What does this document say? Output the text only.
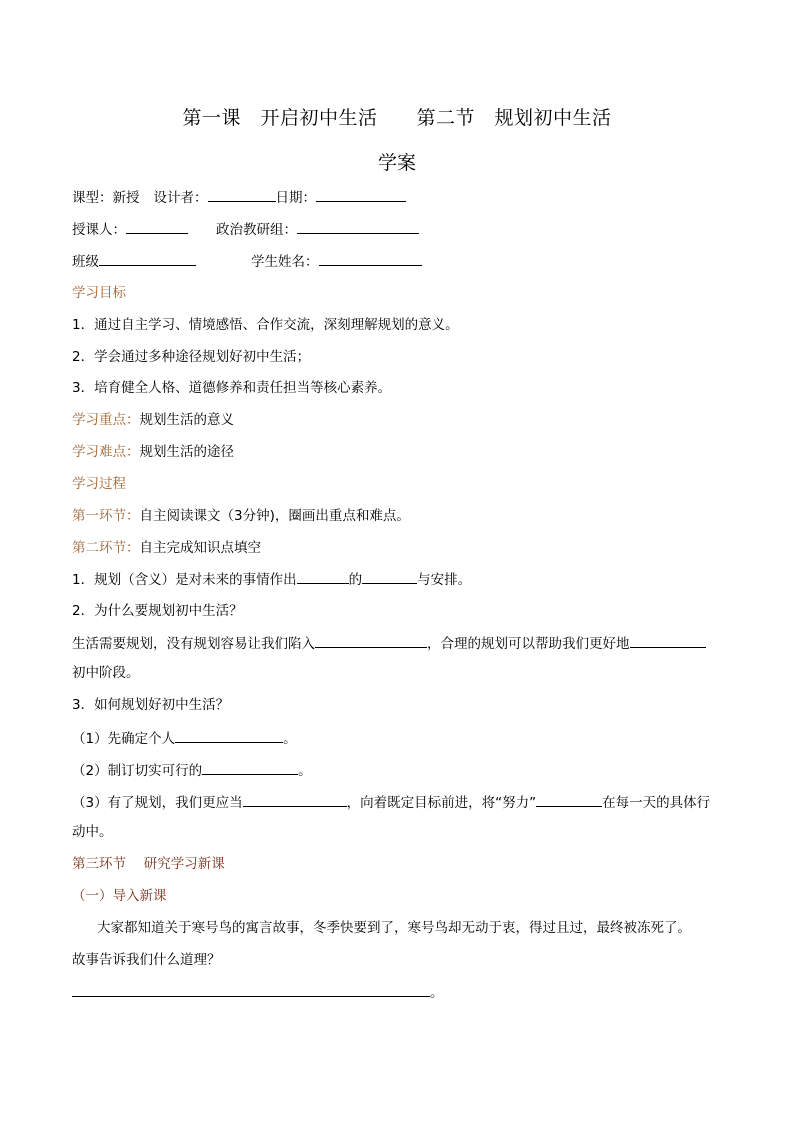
第一课　开启初中生活　　第二节　规划初中生活
学案
课型：新授 设计者：	日期：
授课人：	政治教研组：
班级	学生姓名：
学习目标
1．通过自主学习、情境感悟、合作交流，深刻理解规划的意义。
2．学会通过多种途径规划好初中生活；
3．培育健全人格、道德修养和责任担当等核心素养。
学习重点：规划生活的意义
学习难点：规划生活的途径
学习过程
第一环节：自主阅读课文（3分钟)，圈画出重点和难点。
第二环节：自主完成知识点填空
1．规划（含义）是对未来的事情作出	的	与安排。
2．为什么要规划初中生活？
生活需要规划，没有规划容易让我们陷入	，合理的规划可以帮助我们更好地
初中阶段。
3．如何规划好初中生活？
（1）先确定个人	。
（2）制订切实可行的	。
（3）有了规划，我们更应当	，向着既定目标前进，将“努力”	在每一天的具体行
动中。
第三环节　 研究学习新课
（一）导入新课
大家都知道关于寒号鸟的寓言故事，冬季快要到了，寒号鸟却无动于衷，得过且过，最终被冻死了。
故事告诉我们什么道理？
。
